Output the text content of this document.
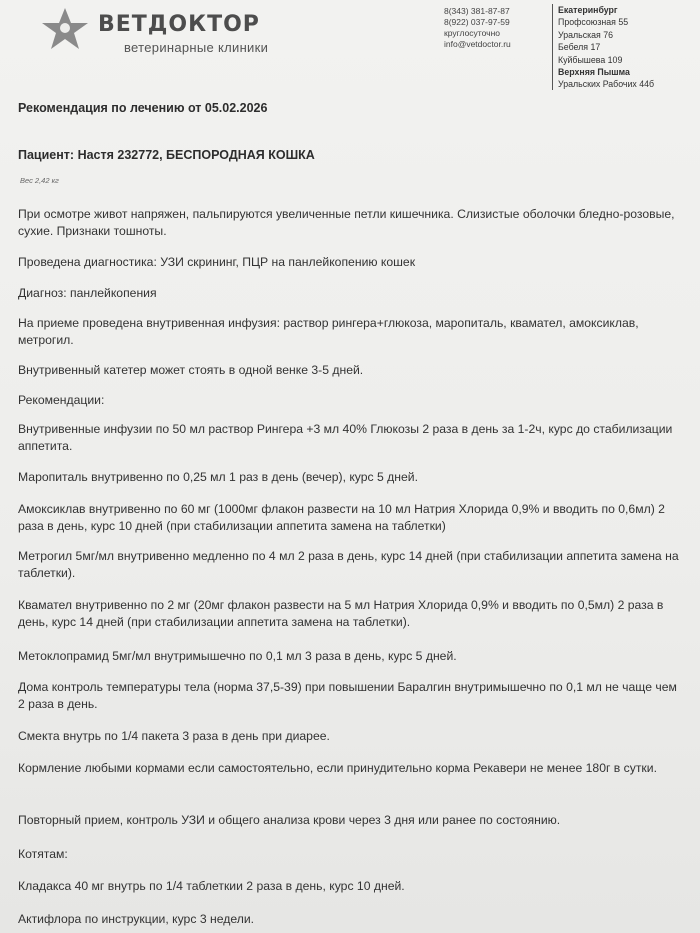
ВЕТДОКТОР
ветеринарные клиники
8(343) 381-87-87
8(922) 037-97-59
круглосуточно
info@vetdoctor.ru
Екатеринбург
Профсоюзная 55
Уральская 76
Бебеля 17
Куйбышева 109
Верхняя Пышма
Уральских Рабочих 44б
Рекомендация по лечению от 05.02.2026
Пациент: Настя 232772, БЕСПОРОДНАЯ КОШКА
Вес 2,42 кг
При осмотре живот напряжен, пальпируются увеличенные петли кишечника. Слизистые оболочки бледно-розовые, сухие. Признаки тошноты.
Проведена диагностика: УЗИ скрининг, ПЦР на панлейкопению кошек
Диагноз: панлейкопения
На приеме проведена внутривенная инфузия: раствор рингера+глюкоза, маропиталь, квамател, амоксиклав, метрогил.
Внутривенный катетер может стоять в одной венке 3-5 дней.
Рекомендации:
Внутривенные инфузии по 50 мл раствор Рингера +3 мл 40% Глюкозы 2 раза в день за 1-2ч, курс до стабилизации аппетита.
Маропиталь внутривенно по 0,25 мл 1 раз в день (вечер), курс 5 дней.
Амоксиклав внутривенно по 60 мг (1000мг флакон развести на 10 мл Натрия Хлорида 0,9% и вводить по 0,6мл) 2 раза в день, курс 10 дней (при стабилизации аппетита замена на таблетки)
Метрогил 5мг/мл внутривенно медленно по 4 мл 2 раза в день, курс 14 дней (при стабилизации аппетита замена на таблетки).
Квамател внутривенно по 2 мг (20мг флакон развести на 5 мл Натрия Хлорида 0,9% и вводить по 0,5мл) 2 раза в день, курс 14 дней (при стабилизации аппетита замена на таблетки).
Метоклопрамид 5мг/мл внутримышечно по 0,1 мл 3 раза в день, курс 5 дней.
Дома контроль температуры тела (норма 37,5-39) при повышении Баралгин внутримышечно по 0,1 мл не чаще чем 2 раза в день.
Смекта внутрь по 1/4 пакета 3 раза в день при диарее.
Кормление любыми кормами если самостоятельно, если принудительно корма Рекавери не менее 180г в сутки.
Повторный прием, контроль УЗИ и общего анализа крови через 3 дня или ранее по состоянию.
Котятам:
Кладакса 40 мг внутрь по 1/4 таблеткии 2 раза в день, курс 10 дней.
Актифлора по инструкции, курс 3 недели.
